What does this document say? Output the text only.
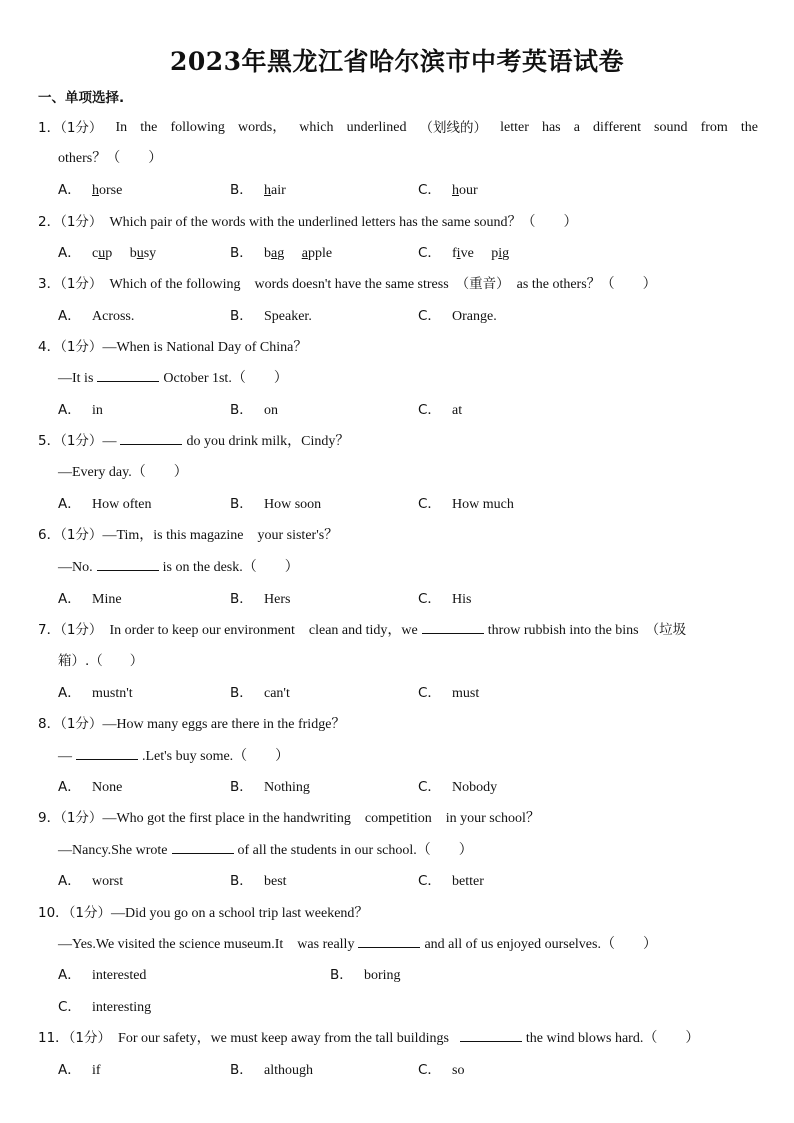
2023年黑龙江省哈尔滨市中考英语试卷
一、单项选择.
1．（1分） In the following words， which underlined （划线的） letter has a different sound from the
others？（　　）
A． horse	B． hair	C． hour
2．（1分） Which pair of the words with the underlined letters has the same sound？（　　）
A． cup　 busy	B． bag　 apple	C． five　 pig
3．（1分） Which of the following　words doesn't have the same stress （重音） as the others？（　　）
A． Across.	B． Speaker.	C． Orange.
4．（1分）—When is National Day of China？
—It is	October 1st.（　　）
A． in	B． on	C． at
5．（1分）—	do you drink milk，Cindy？
—Every day.（　　）
A． How often	B． How soon	C． How much
6．（1分）—Tim，is this magazine　your sister's？
—No.	is on the desk.（　　）
A． Mine	B． Hers	C． His
7．（1分） In order to keep our environment　clean and tidy，we	throw rubbish into the bins （垃圾
箱）.（　　）
A． mustn't	B． can't	C． must
8．（1分）—How many eggs are there in the fridge？
—	.Let's buy some.（　　）
A． None	B． Nothing	C． Nobody
9．（1分）—Who got the first place in the handwriting　competition　in your school？
—Nancy.She wrote	of all the students in our school.（　　）
A． worst	B． best	C． better
10．（1分）—Did you go on a school trip last weekend？
—Yes.We visited the science museum.It　was really	and all of us enjoyed ourselves.（　　）
A． interested	B． boring
C． interesting
11．（1分） For our safety，we must keep away from the tall buildings	the wind blows hard.（　　）
A． if	B． although	C． so
